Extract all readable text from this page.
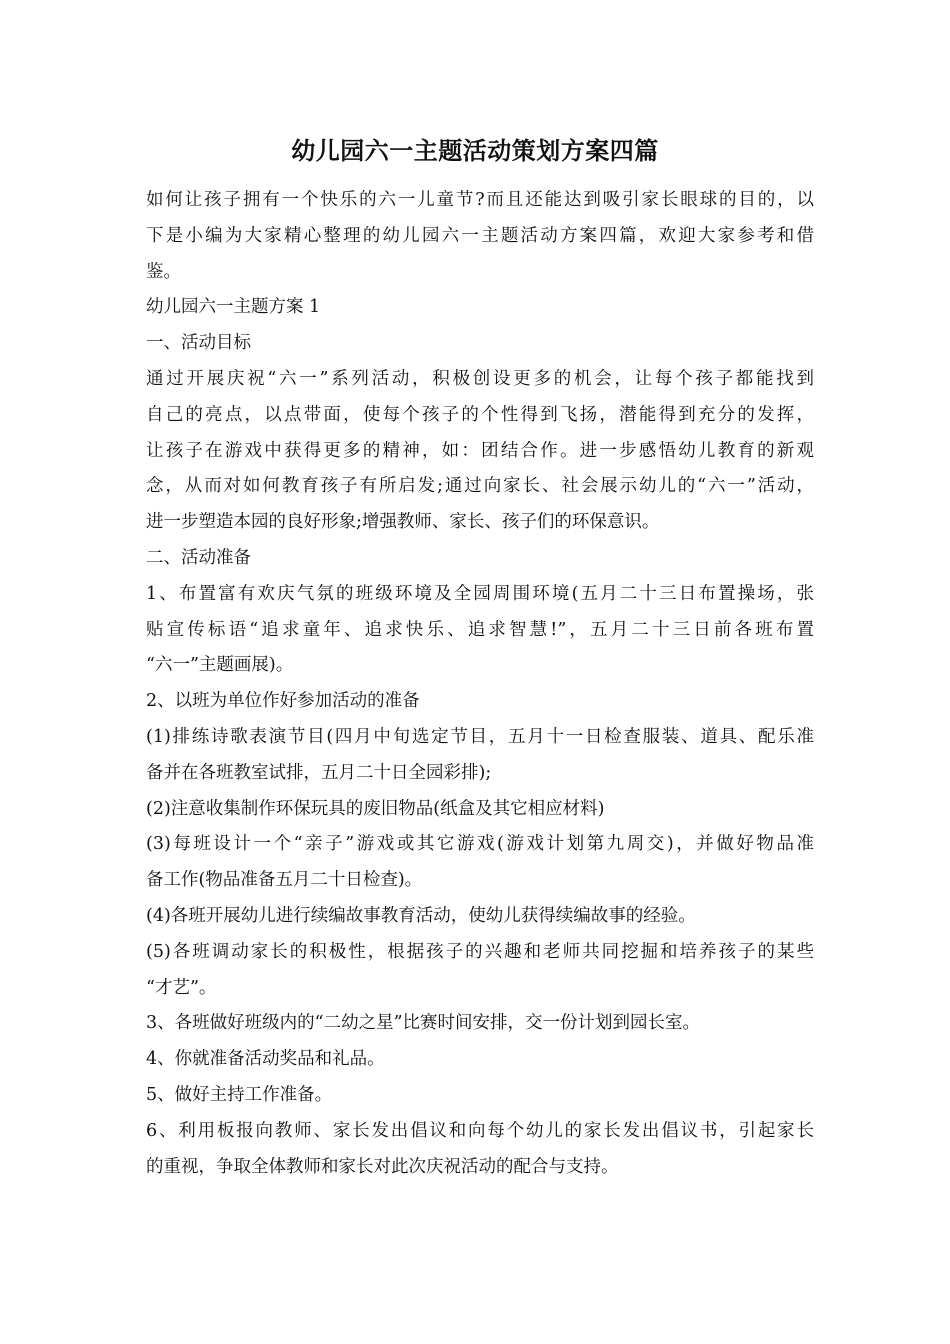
幼儿园六一主题活动策划方案四篇
如何让孩子拥有一个快乐的六一儿童节?而且还能达到吸引家长眼球的目的，以
下是小编为大家精心整理的幼儿园六一主题活动方案四篇，欢迎大家参考和借
鉴。
幼儿园六一主题方案 1
一、活动目标
通过开展庆祝“六一”系列活动，积极创设更多的机会，让每个孩子都能找到
自己的亮点，以点带面，使每个孩子的个性得到飞扬，潜能得到充分的发挥，
让孩子在游戏中获得更多的精神，如：团结合作。进一步感悟幼儿教育的新观
念，从而对如何教育孩子有所启发;通过向家长、社会展示幼儿的“六一”活动，
进一步塑造本园的良好形象;增强教师、家长、孩子们的环保意识。
二、活动准备
1、布置富有欢庆气氛的班级环境及全园周围环境(五月二十三日布置操场，张
贴宣传标语“追求童年、追求快乐、追求智慧!”，五月二十三日前各班布置
“六一”主题画展)。
2、以班为单位作好参加活动的准备
(1)排练诗歌表演节目(四月中旬选定节目，五月十一日检查服装、道具、配乐准
备并在各班教室试排，五月二十日全园彩排);
(2)注意收集制作环保玩具的废旧物品(纸盒及其它相应材料)
(3)每班设计一个“亲子”游戏或其它游戏(游戏计划第九周交)，并做好物品准
备工作(物品准备五月二十日检查)。
(4)各班开展幼儿进行续编故事教育活动，使幼儿获得续编故事的经验。
(5)各班调动家长的积极性，根据孩子的兴趣和老师共同挖掘和培养孩子的某些
“才艺”。
3、各班做好班级内的“二幼之星”比赛时间安排，交一份计划到园长室。
4、你就准备活动奖品和礼品。
5、做好主持工作准备。
6、利用板报向教师、家长发出倡议和向每个幼儿的家长发出倡议书，引起家长
的重视，争取全体教师和家长对此次庆祝活动的配合与支持。
